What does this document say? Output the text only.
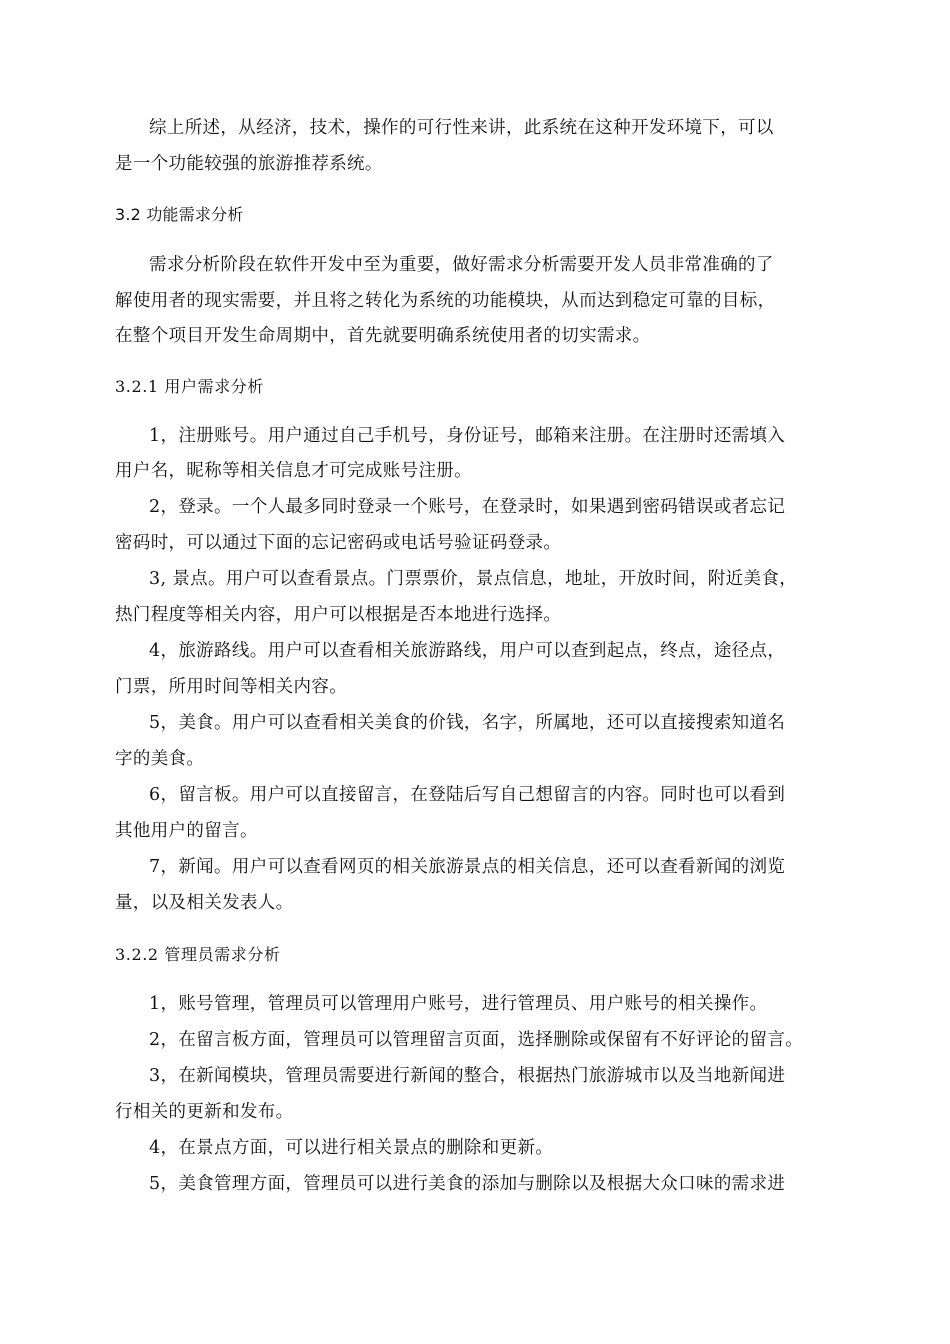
综上所述，从经济，技术，操作的可行性来讲，此系统在这种开发环境下，可以
是一个功能较强的旅游推荐系统。
3.2 功能需求分析
需求分析阶段在软件开发中至为重要，做好需求分析需要开发人员非常准确的了
解使用者的现实需要，并且将之转化为系统的功能模块，从而达到稳定可靠的目标，
在整个项目开发生命周期中，首先就要明确系统使用者的切实需求。
3.2.1 用户需求分析
1，注册账号。用户通过自己手机号，身份证号，邮箱来注册。在注册时还需填入
用户名，昵称等相关信息才可完成账号注册。
2，登录。一个人最多同时登录一个账号，在登录时，如果遇到密码错误或者忘记
密码时，可以通过下面的忘记密码或电话号验证码登录。
3, 景点。用户可以查看景点。门票票价，景点信息，地址，开放时间，附近美食，
热门程度等相关内容，用户可以根据是否本地进行选择。
4，旅游路线。用户可以查看相关旅游路线，用户可以查到起点，终点，途径点，
门票，所用时间等相关内容。
5，美食。用户可以查看相关美食的价钱，名字，所属地，还可以直接搜索知道名
字的美食。
6，留言板。用户可以直接留言，在登陆后写自己想留言的内容。同时也可以看到
其他用户的留言。
7，新闻。用户可以查看网页的相关旅游景点的相关信息，还可以查看新闻的浏览
量，以及相关发表人。
3.2.2 管理员需求分析
1，账号管理，管理员可以管理用户账号，进行管理员、用户账号的相关操作。
2，在留言板方面，管理员可以管理留言页面，选择删除或保留有不好评论的留言。
3，在新闻模块，管理员需要进行新闻的整合，根据热门旅游城市以及当地新闻进
行相关的更新和发布。
4，在景点方面，可以进行相关景点的删除和更新。
5，美食管理方面，管理员可以进行美食的添加与删除以及根据大众口味的需求进
